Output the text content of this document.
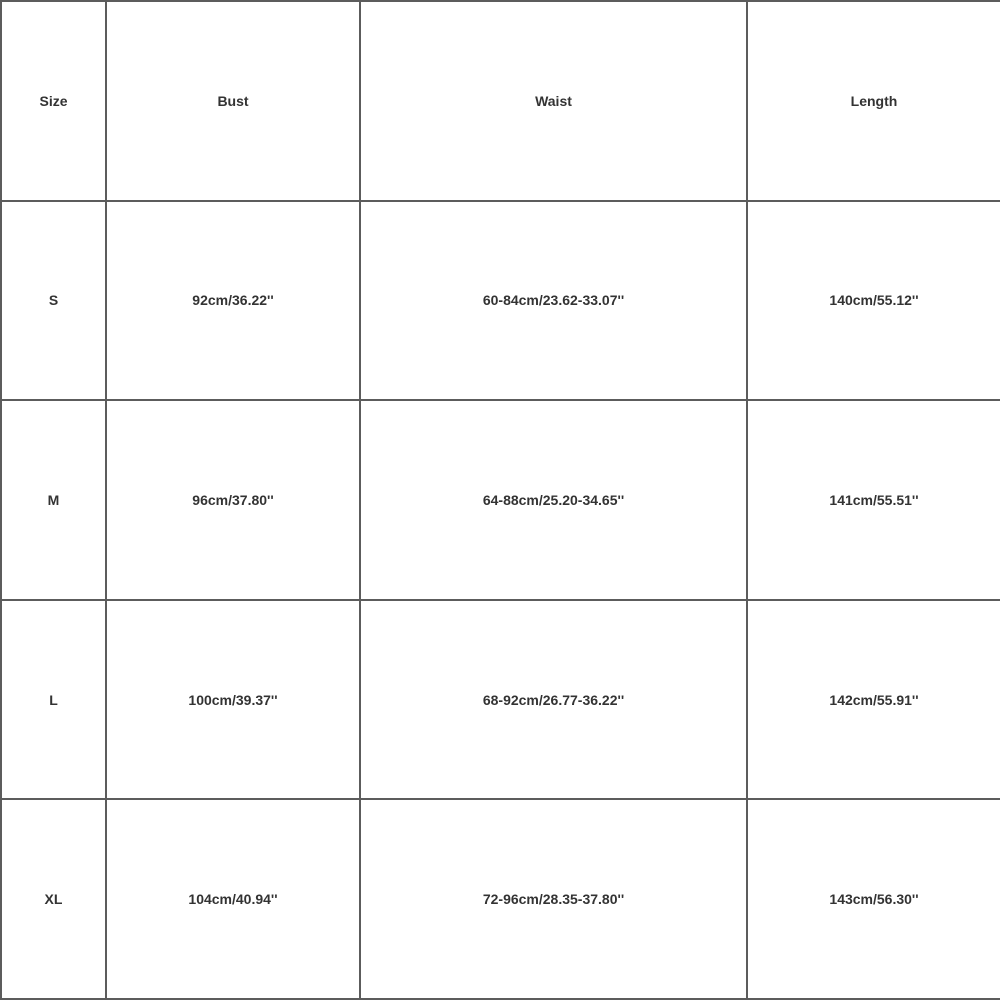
Size	Bust	Waist	Length
S	92cm/36.22''	60-84cm/23.62-33.07''	140cm/55.12''
M	96cm/37.80''	64-88cm/25.20-34.65''	141cm/55.51''
L	100cm/39.37''	68-92cm/26.77-36.22''	142cm/55.91''
XL	104cm/40.94''	72-96cm/28.35-37.80''	143cm/56.30''
